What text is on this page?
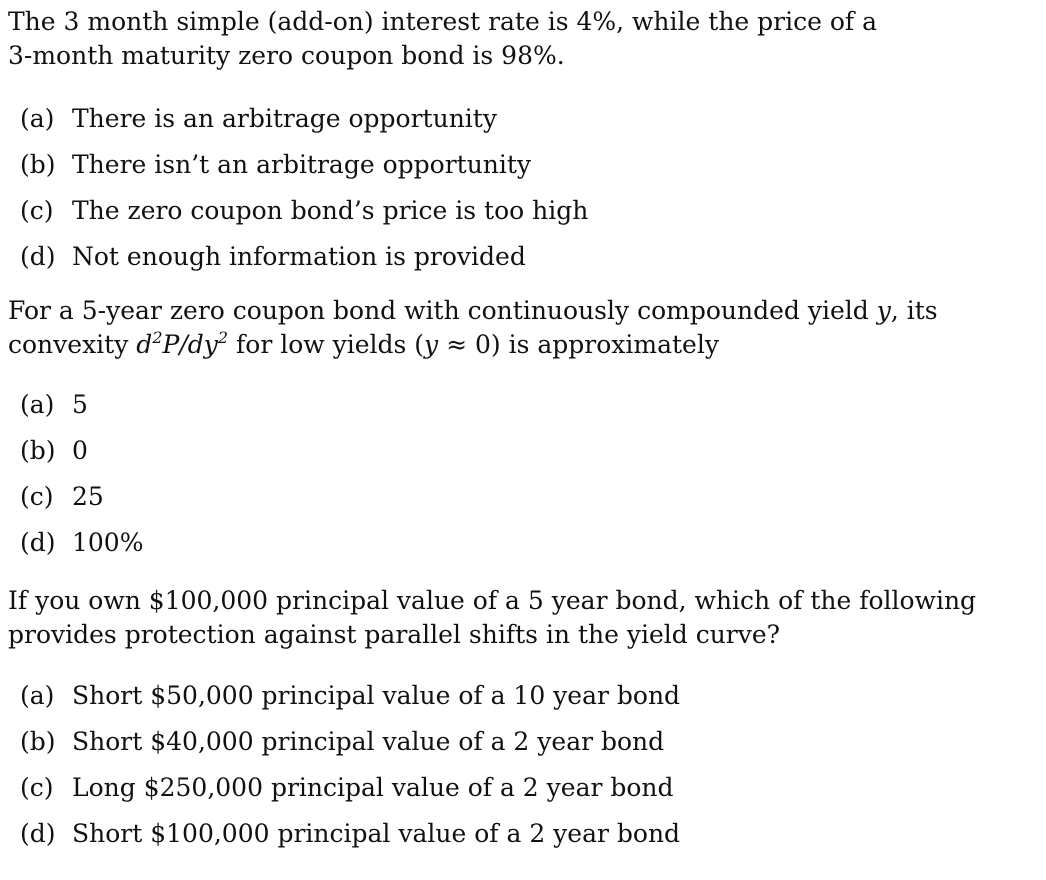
The 3 month simple (add-on) interest rate is 4%, while the price of a

3-month maturity zero coupon bond is 98%.

(a) There is an arbitrage opportunity
(b) There isn’t an arbitrage opportunity
(c) The zero coupon bond’s price is too high
(d) Not enough information is provided

For a 5-year zero coupon bond with continuously compounded yield y, its

convexity $d^2P/dy^2$ for low yields (y ≈ 0) is approximately

(a) 5
(b) 0
(c) 25
(d) 100%

If you own $100,000 principal value of a 5 year bond, which of the following

provides protection against parallel shifts in the yield curve?

(a) Short $50,000 principal value of a 10 year bond
(b) Short $40,000 principal value of a 2 year bond
(c) Long $250,000 principal value of a 2 year bond
(d) Short $100,000 principal value of a 2 year bond
